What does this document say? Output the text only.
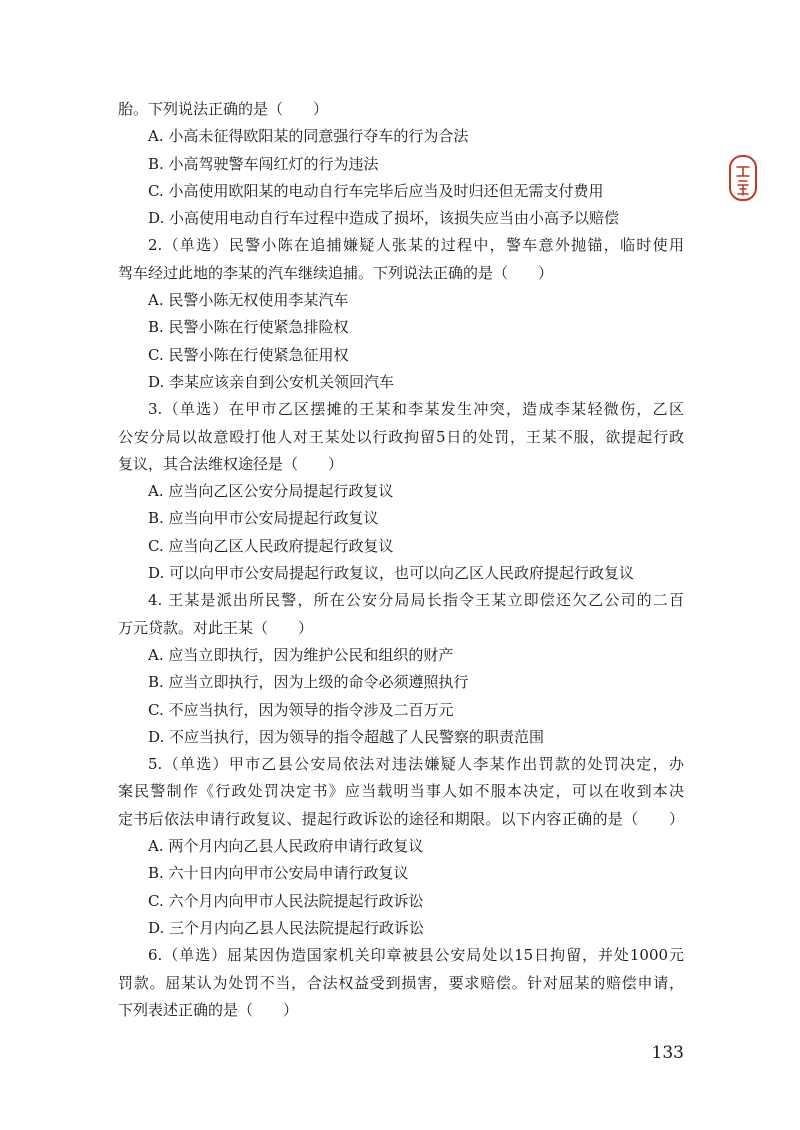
胎。下列说法正确的是（　　）
A. 小高未征得欧阳某的同意强行夺车的行为合法
B. 小高驾驶警车闯红灯的行为违法
C. 小高使用欧阳某的电动自行车完毕后应当及时归还但无需支付费用
D. 小高使用电动自行车过程中造成了损坏，该损失应当由小高予以赔偿
2.（单选）民警小陈在追捕嫌疑人张某的过程中，警车意外抛锚，临时使用
驾车经过此地的李某的汽车继续追捕。下列说法正确的是（　　）
A. 民警小陈无权使用李某汽车
B. 民警小陈在行使紧急排险权
C. 民警小陈在行使紧急征用权
D. 李某应该亲自到公安机关领回汽车
3.（单选）在甲市乙区摆摊的王某和李某发生冲突，造成李某轻微伤，乙区
公安分局以故意殴打他人对王某处以行政拘留5日的处罚，王某不服，欲提起行政
复议，其合法维权途径是（　　）
A. 应当向乙区公安分局提起行政复议
B. 应当向甲市公安局提起行政复议
C. 应当向乙区人民政府提起行政复议
D. 可以向甲市公安局提起行政复议，也可以向乙区人民政府提起行政复议
4. 王某是派出所民警，所在公安分局局长指令王某立即偿还欠乙公司的二百
万元贷款。对此王某（　　）
A. 应当立即执行，因为维护公民和组织的财产
B. 应当立即执行，因为上级的命令必须遵照执行
C. 不应当执行，因为领导的指令涉及二百万元
D. 不应当执行，因为领导的指令超越了人民警察的职责范围
5.（单选）甲市乙县公安局依法对违法嫌疑人李某作出罚款的处罚决定，办
案民警制作《行政处罚决定书》应当载明当事人如不服本决定，可以在收到本决
定书后依法申请行政复议、提起行政诉讼的途径和期限。以下内容正确的是（　　）
A. 两个月内向乙县人民政府申请行政复议
B. 六十日内向甲市公安局申请行政复议
C. 六个月内向甲市人民法院提起行政诉讼
D. 三个月内向乙县人民法院提起行政诉讼
6.（单选）屈某因伪造国家机关印章被县公安局处以15日拘留，并处1000元
罚款。屈某认为处罚不当，合法权益受到损害，要求赔偿。针对屈某的赔偿申请，
下列表述正确的是（　　）
133
